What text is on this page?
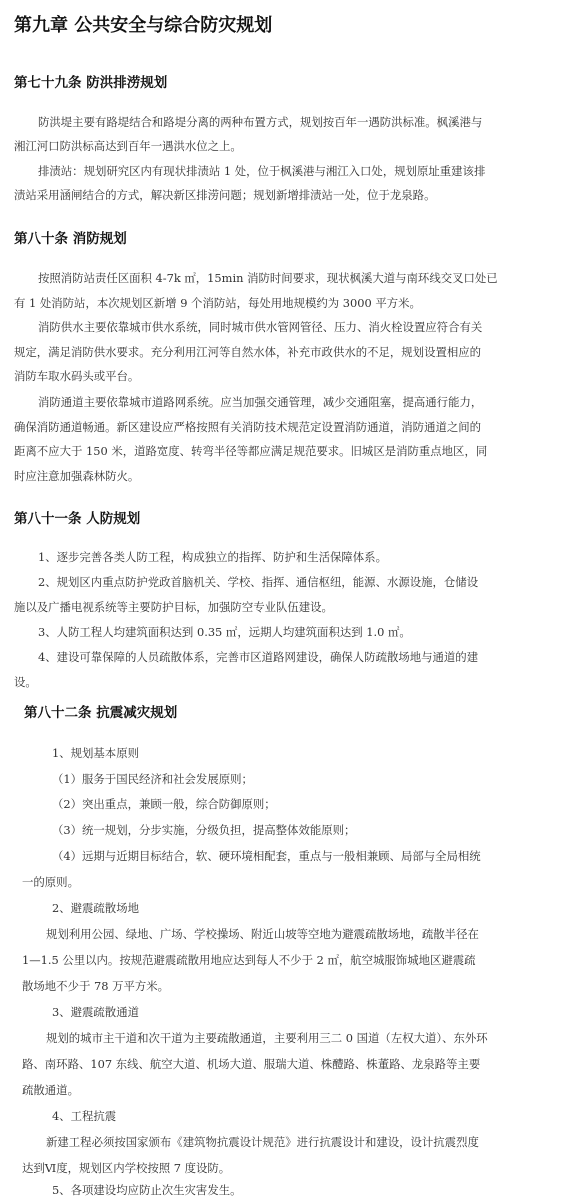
第九章 公共安全与综合防灾规划
第七十九条 防洪排涝规划
防洪堤主要有路堤结合和路堤分离的两种布置方式，规划按百年一遇防洪标准。枫溪港与
湘江河口防洪标高达到百年一遇洪水位之上。
排渍站：规划研究区内有现状排渍站 1 处，位于枫溪港与湘江入口处，规划原址重建该排
渍站采用涵闸结合的方式，解决新区排涝问题；规划新增排渍站一处，位于龙泉路。
第八十条 消防规划
按照消防站责任区面积 4-7k ㎡，15min 消防时间要求，现状枫溪大道与南环线交叉口处已
有 1 处消防站，本次规划区新增 9 个消防站，每处用地规模约为 3000 平方米。
消防供水主要依靠城市供水系统，同时城市供水管网管径、压力、消火栓设置应符合有关
规定，满足消防供水要求。充分利用江河等自然水体，补充市政供水的不足，规划设置相应的
消防车取水码头或平台。
消防通道主要依靠城市道路网系统。应当加强交通管理，减少交通阻塞，提高通行能力，
确保消防通道畅通。新区建设应严格按照有关消防技术规范定设置消防通道，消防通道之间的
距离不应大于 150 米，道路宽度、转弯半径等都应满足规范要求。旧城区是消防重点地区，同
时应注意加强森林防火。
第八十一条 人防规划
1、逐步完善各类人防工程，构成独立的指挥、防护和生活保障体系。
2、规划区内重点防护党政首脑机关、学校、指挥、通信枢纽，能源、水源设施，仓储设
施以及广播电视系统等主要防护目标，加强防空专业队伍建设。
3、人防工程人均建筑面积达到 0.35 ㎡，远期人均建筑面积达到 1.0 ㎡。
4、建设可靠保障的人员疏散体系，完善市区道路网建设，确保人防疏散场地与通道的建
设。
第八十二条 抗震减灾规划
1、规划基本原则
（1）服务于国民经济和社会发展原则；
（2）突出重点，兼顾一般，综合防御原则；
（3）统一规划，分步实施，分级负担，提高整体效能原则；
（4）远期与近期目标结合，软、硬环境相配套，重点与一般相兼顾、局部与全局相统
一的原则。
2、避震疏散场地
规划利用公园、绿地、广场、学校操场、附近山坡等空地为避震疏散场地，疏散半径在
1—1.5 公里以内。按规范避震疏散用地应达到每人不少于 2 ㎡，航空城服饰城地区避震疏
散场地不少于 78 万平方米。
3、避震疏散通道
规划的城市主干道和次干道为主要疏散通道，主要利用三二 0 国道（左权大道）、东外环
路、南环路、107 东线、航空大道、机场大道、服瑞大道、株醴路、株董路、龙泉路等主要
疏散通道。
4、工程抗震
新建工程必须按国家颁布《建筑物抗震设计规范》进行抗震设计和建设，设计抗震烈度
达到Ⅵ度，规划区内学校按照 7 度设防。
5、各项建设均应防止次生灾害发生。
